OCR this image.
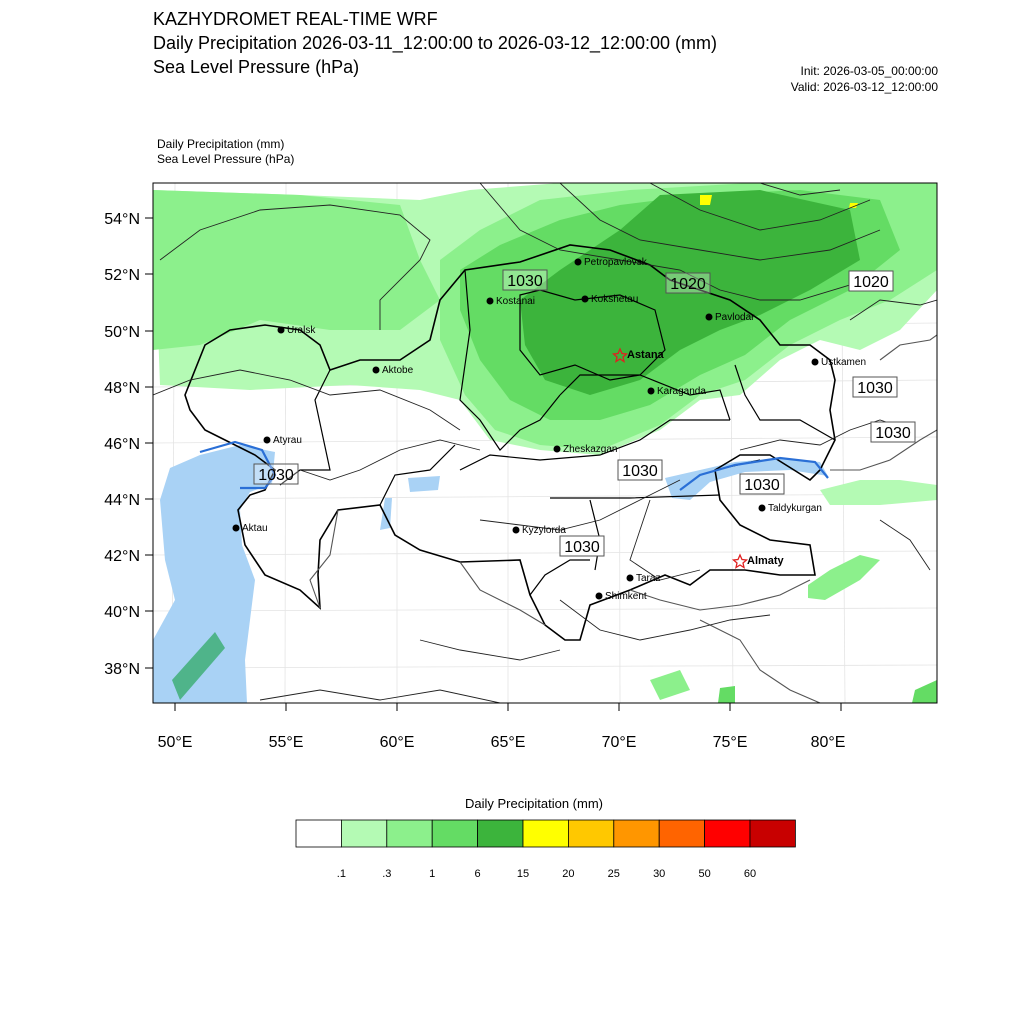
KAZHYDROMET REAL-TIME WRF
Daily Precipitation 2026-03-11_12:00:00 to 2026-03-12_12:00:00 (mm)
Sea Level Pressure (hPa)	Init: 2026-03-05_00:00:00
Valid: 2026-03-12_12:00:00
Daily Precipitation (mm)
Sea Level Pressure (hPa)
54°N
52°N
50°N
48°N
46°N
44°N
42°N
40°N
38°N
50°E	55°E	60°E	65°E	70°E	75°E	80°E
1030	1020	1020
1030
1030
1030	1030
1030
1030
Petropavlovsk
Kostanai	Kokshetau
Pavlodar
Uralsk
Aktobe
Astana
Ustkamen
Karaganda
Atyrau
Zheskazgan
Aktau	Kyzylorda
Taldykurgan
Almaty
Taraz
Shimkent
Daily Precipitation (mm)
.1	.3	1	6	15	20	25	30	50	60
